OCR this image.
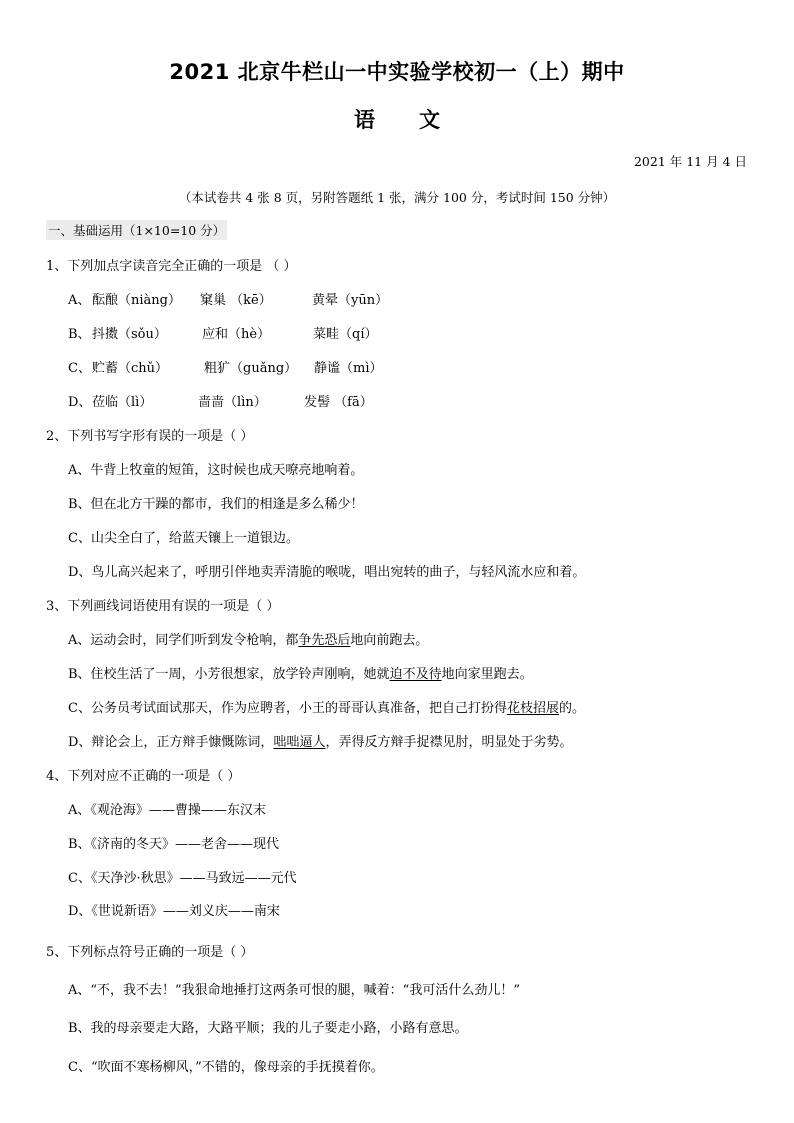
2021 北京牛栏山一中实验学校初一（上）期中
语文
2021 年 11 月 4 日
（本试卷共 4 张 8 页，另附答题纸 1 张，满分 100 分，考试时间 150 分钟）
一、基础运用（1×10=10 分）
1、下列加点字读音完全正确的一项是 （ ）
A、 酝酿（niàng） 窠巢 （kē）	黄晕（yūn）
B、 抖擞（sǒu）	应和（hè）	菜畦（qí）
C、 贮蓄（chǔ）	粗犷（guǎng） 静谧（mì）
D、 莅临（lì）	啬啬（lìn）	发髻 （fā）
2、下列书写字形有误的一项是（ ）
A、牛背上牧童的短笛，这时候也成天嘹亮地响着。
B、但在北方干躁的都市，我们的相逢是多么稀少！
C、山尖全白了，给蓝天镶上一道银边。
D、鸟儿高兴起来了，呼朋引伴地卖弄清脆的喉咙，唱出宛转的曲子，与轻风流水应和着。
3、下列画线词语使用有误的一项是（ ）
A、运动会时，同学们听到发令枪响，都争先恐后地向前跑去。
B、住校生活了一周，小芳很想家，放学铃声刚响，她就迫不及待地向家里跑去。
C、公务员考试面试那天，作为应聘者，小王的哥哥认真准备，把自己打扮得花枝招展的。
D、辩论会上，正方辩手慷慨陈词，咄咄逼人，弄得反方辩手捉襟见肘，明显处于劣势。
4、下列对应不正确的一项是（ ）
A、《观沧海》——曹操——东汉末
B、《济南的冬天》——老舍——现代
C、《天净沙·秋思》——马致远——元代
D、《世说新语》——刘义庆——南宋
5、下列标点符号正确的一项是（ ）
A、“不，我不去！”我狠命地捶打这两条可恨的腿，喊着：“我可活什么劲儿！”
B、我的母亲要走大路，大路平顺；我的儿子要走小路，小路有意思。
C、“吹面不寒杨柳风，”不错的，像母亲的手抚摸着你。
